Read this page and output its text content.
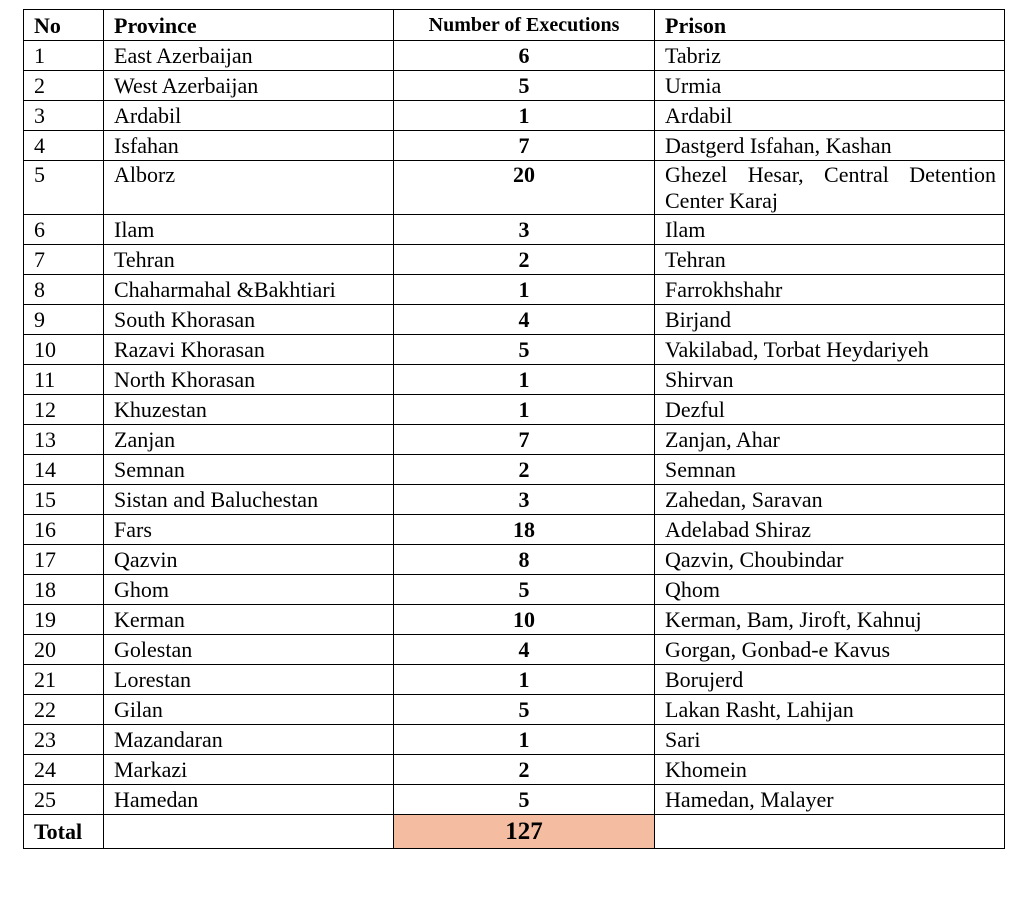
No	Province	Number of Executions	Prison
1	East Azerbaijan	6	Tabriz
2	West Azerbaijan	5	Urmia
3	Ardabil	1	Ardabil
4	Isfahan	7	Dastgerd Isfahan, Kashan
5	Alborz	20	Ghezel Hesar, Central Detention Center Karaj
6	Ilam	3	Ilam
7	Tehran	2	Tehran
8	Chaharmahal &Bakhtiari	1	Farrokhshahr
9	South Khorasan	4	Birjand
10	Razavi Khorasan	5	Vakilabad, Torbat Heydariyeh
11	North Khorasan	1	Shirvan
12	Khuzestan	1	Dezful
13	Zanjan	7	Zanjan, Ahar
14	Semnan	2	Semnan
15	Sistan and Baluchestan	3	Zahedan, Saravan
16	Fars	18	Adelabad Shiraz
17	Qazvin	8	Qazvin, Choubindar
18	Ghom	5	Qhom
19	Kerman	10	Kerman, Bam, Jiroft, Kahnuj
20	Golestan	4	Gorgan, Gonbad-e Kavus
21	Lorestan	1	Borujerd
22	Gilan	5	Lakan Rasht, Lahijan
23	Mazandaran	1	Sari
24	Markazi	2	Khomein
25	Hamedan	5	Hamedan, Malayer
Total		127	
